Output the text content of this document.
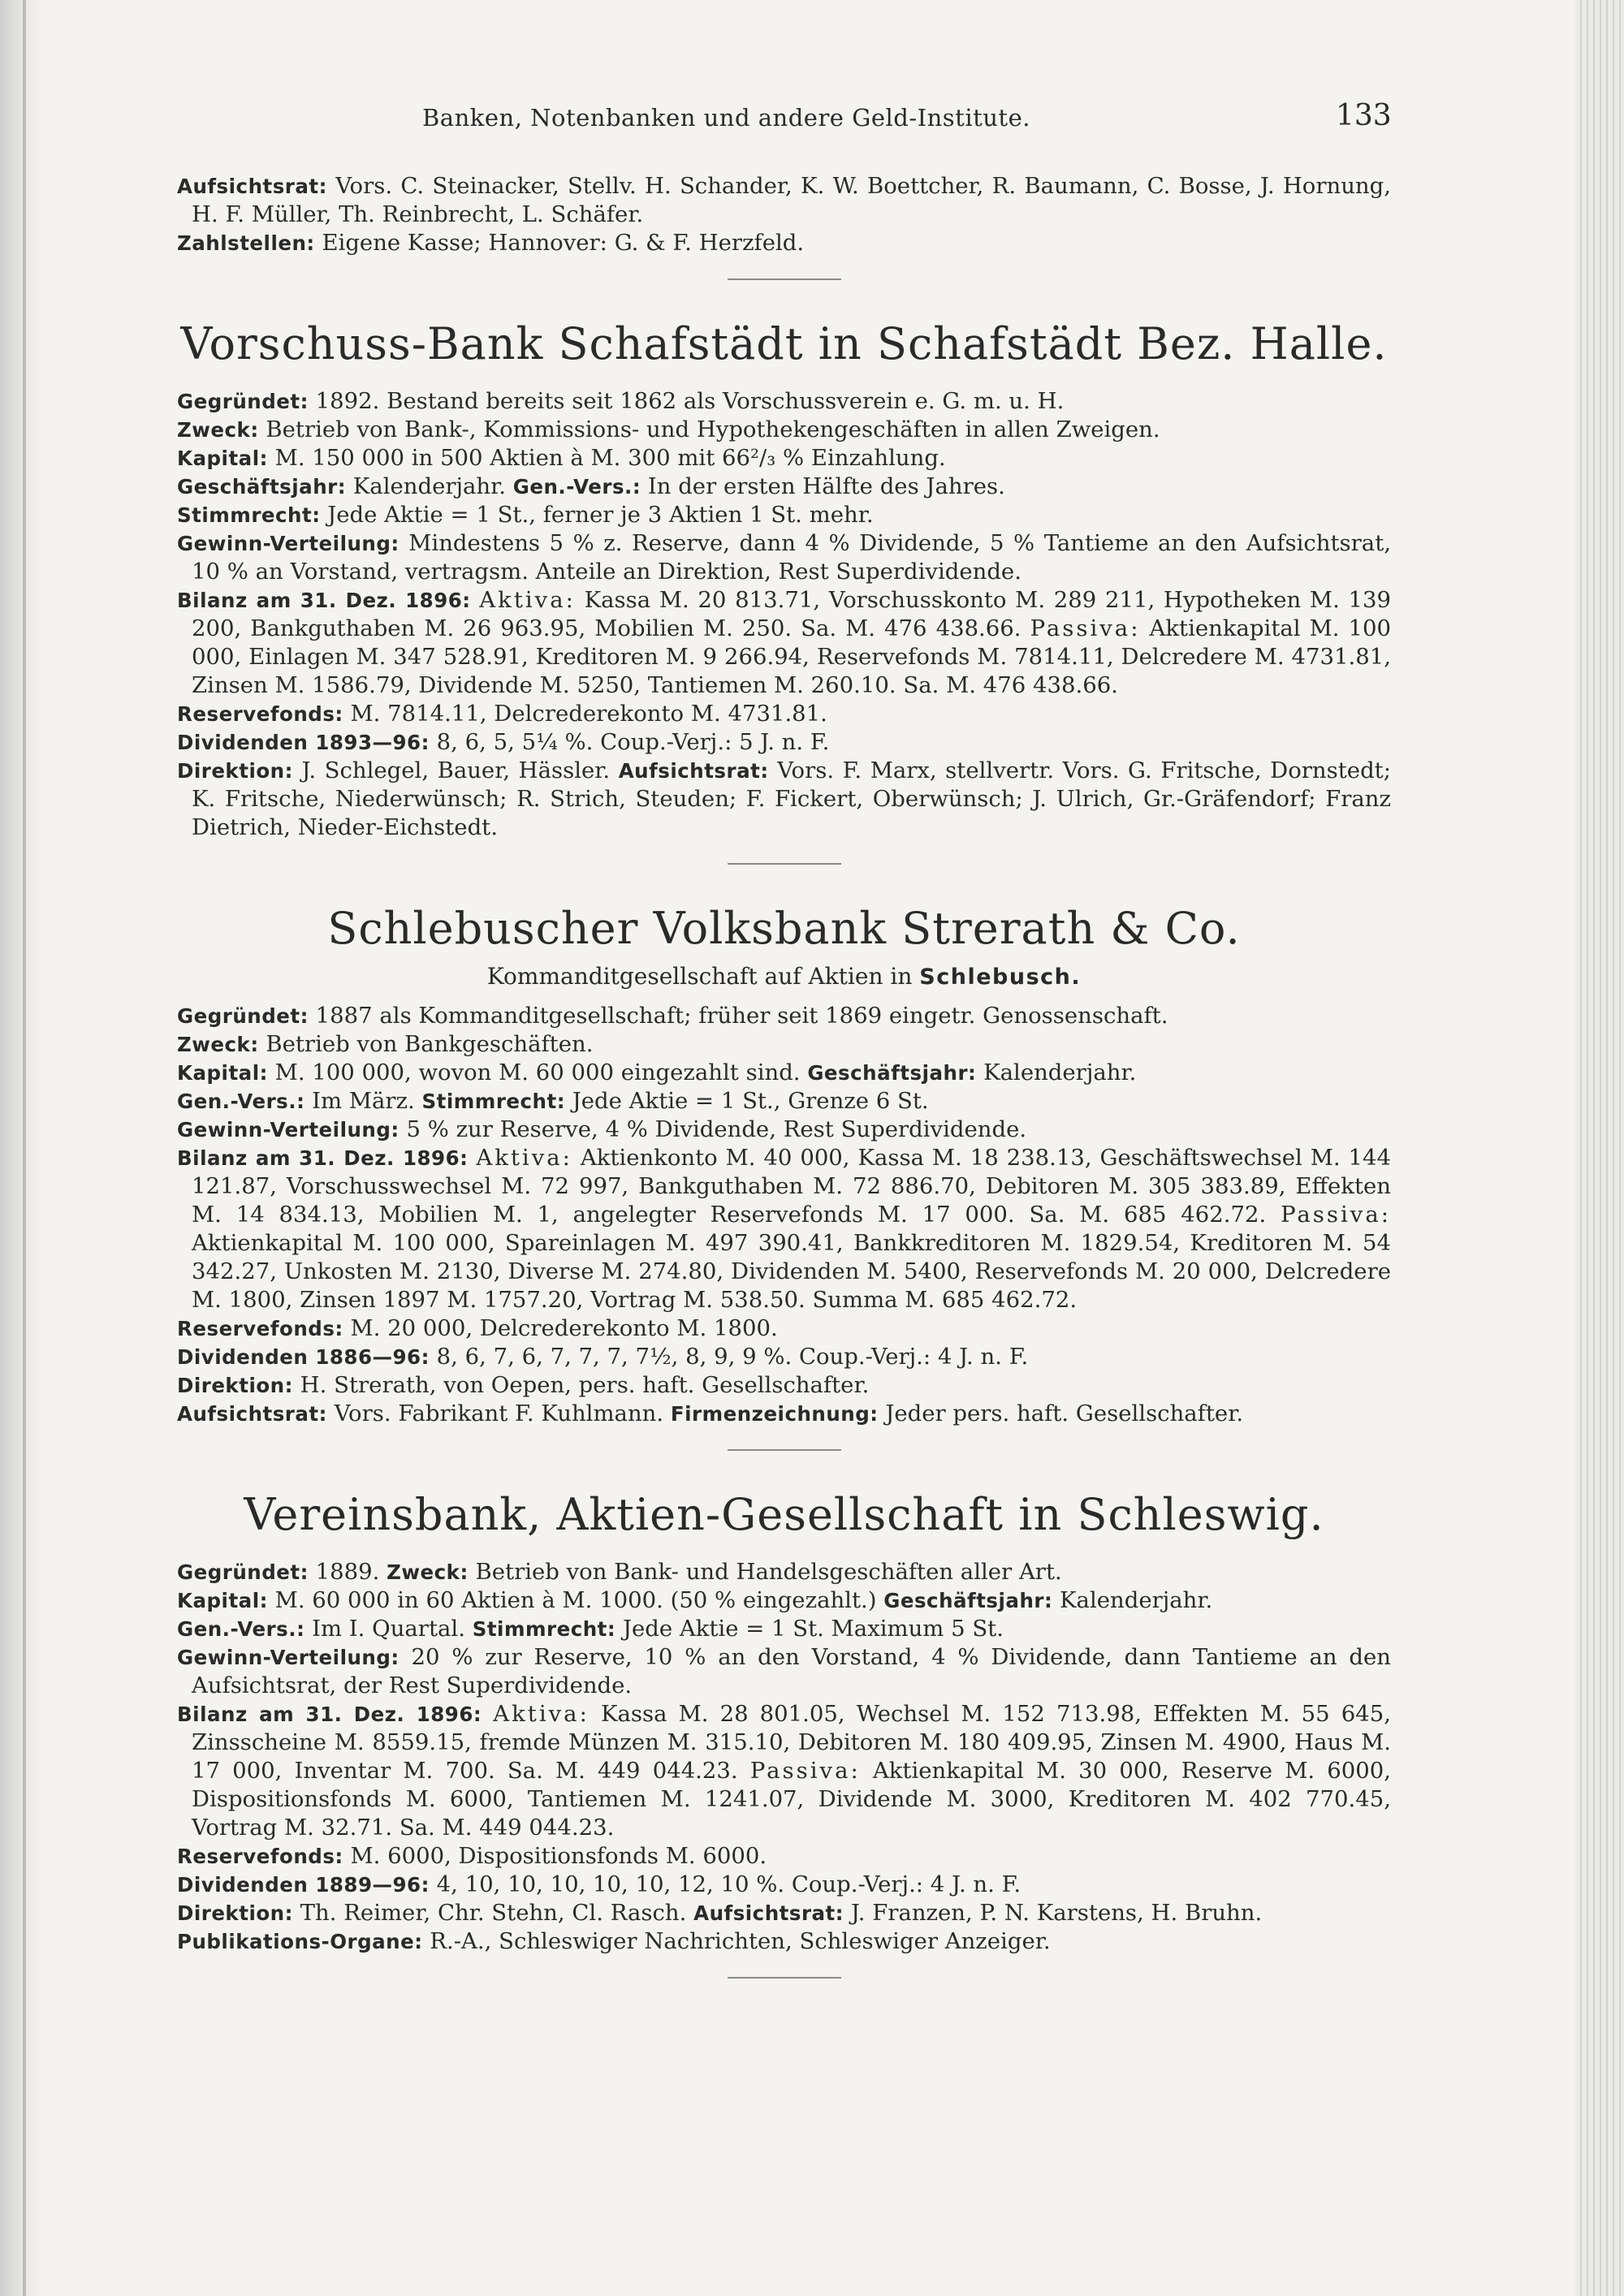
Banken, Notenbanken und andere Geld-Institute.	133

Aufsichtsrat: Vors. C. Steinacker, Stellv. H. Schander, K. W. Boettcher, R. Baumann, C. Bosse, J. Hornung, H. F. Müller, Th. Reinbrecht, L. Schäfer.

Zahlstellen: Eigene Kasse; Hannover: G. & F. Herzfeld.

Vorschuss-Bank Schafstädt in Schafstädt Bez. Halle.

Gegründet: 1892. Bestand bereits seit 1862 als Vorschussverein e. G. m. u. H.

Zweck: Betrieb von Bank-, Kommissions- und Hypothekengeschäften in allen Zweigen.

Kapital: M. 150 000 in 500 Aktien à M. 300 mit 66²/₃ % Einzahlung.

Geschäftsjahr: Kalenderjahr. Gen.-Vers.: In der ersten Hälfte des Jahres.

Stimmrecht: Jede Aktie = 1 St., ferner je 3 Aktien 1 St. mehr.

Gewinn-Verteilung: Mindestens 5 % z. Reserve, dann 4 % Dividende, 5 % Tantieme an den Aufsichtsrat, 10 % an Vorstand, vertragsm. Anteile an Direktion, Rest Superdividende.

Bilanz am 31. Dez. 1896: Aktiva: Kassa M. 20 813.71, Vorschusskonto M. 289 211, Hypotheken M. 139 200, Bankguthaben M. 26 963.95, Mobilien M. 250. Sa. M. 476 438.66. Passiva: Aktienkapital M. 100 000, Einlagen M. 347 528.91, Kreditoren M. 9 266.94, Reservefonds M. 7814.11, Delcredere M. 4731.81, Zinsen M. 1586.79, Dividende M. 5250, Tantiemen M. 260.10. Sa. M. 476 438.66.

Reservefonds: M. 7814.11, Delcrederekonto M. 4731.81.

Dividenden 1893—96: 8, 6, 5, 5¼ %. Coup.-Verj.: 5 J. n. F.

Direktion: J. Schlegel, Bauer, Hässler. Aufsichtsrat: Vors. F. Marx, stellvertr. Vors. G. Fritsche, Dornstedt; K. Fritsche, Niederwünsch; R. Strich, Steuden; F. Fickert, Oberwünsch; J. Ulrich, Gr.-Gräfendorf; Franz Dietrich, Nieder-Eichstedt.

Schlebuscher Volksbank Strerath & Co.
Kommanditgesellschaft auf Aktien in Schlebusch.

Gegründet: 1887 als Kommanditgesellschaft; früher seit 1869 eingetr. Genossenschaft.

Zweck: Betrieb von Bankgeschäften.

Kapital: M. 100 000, wovon M. 60 000 eingezahlt sind. Geschäftsjahr: Kalenderjahr.

Gen.-Vers.: Im März. Stimmrecht: Jede Aktie = 1 St., Grenze 6 St.

Gewinn-Verteilung: 5 % zur Reserve, 4 % Dividende, Rest Superdividende.

Bilanz am 31. Dez. 1896: Aktiva: Aktienkonto M. 40 000, Kassa M. 18 238.13, Geschäftswechsel M. 144 121.87, Vorschusswechsel M. 72 997, Bankguthaben M. 72 886.70, Debitoren M. 305 383.89, Effekten M. 14 834.13, Mobilien M. 1, angelegter Reservefonds M. 17 000. Sa. M. 685 462.72. Passiva: Aktienkapital M. 100 000, Spareinlagen M. 497 390.41, Bankkreditoren M. 1829.54, Kreditoren M. 54 342.27, Unkosten M. 2130, Diverse M. 274.80, Dividenden M. 5400, Reservefonds M. 20 000, Delcredere M. 1800, Zinsen 1897 M. 1757.20, Vortrag M. 538.50. Summa M. 685 462.72.

Reservefonds: M. 20 000, Delcrederekonto M. 1800.

Dividenden 1886—96: 8, 6, 7, 6, 7, 7, 7, 7½, 8, 9, 9 %. Coup.-Verj.: 4 J. n. F.

Direktion: H. Strerath, von Oepen, pers. haft. Gesellschafter.

Aufsichtsrat: Vors. Fabrikant F. Kuhlmann. Firmenzeichnung: Jeder pers. haft. Gesellschafter.

Vereinsbank, Aktien-Gesellschaft in Schleswig.

Gegründet: 1889. Zweck: Betrieb von Bank- und Handelsgeschäften aller Art.

Kapital: M. 60 000 in 60 Aktien à M. 1000. (50 % eingezahlt.) Geschäftsjahr: Kalenderjahr.

Gen.-Vers.: Im I. Quartal. Stimmrecht: Jede Aktie = 1 St. Maximum 5 St.

Gewinn-Verteilung: 20 % zur Reserve, 10 % an den Vorstand, 4 % Dividende, dann Tantieme an den Aufsichtsrat, der Rest Superdividende.

Bilanz am 31. Dez. 1896: Aktiva: Kassa M. 28 801.05, Wechsel M. 152 713.98, Effekten M. 55 645, Zinsscheine M. 8559.15, fremde Münzen M. 315.10, Debitoren M. 180 409.95, Zinsen M. 4900, Haus M. 17 000, Inventar M. 700. Sa. M. 449 044.23. Passiva: Aktienkapital M. 30 000, Reserve M. 6000, Dispositionsfonds M. 6000, Tantiemen M. 1241.07, Dividende M. 3000, Kreditoren M. 402 770.45, Vortrag M. 32.71. Sa. M. 449 044.23.

Reservefonds: M. 6000, Dispositionsfonds M. 6000.

Dividenden 1889—96: 4, 10, 10, 10, 10, 10, 12, 10 %. Coup.-Verj.: 4 J. n. F.

Direktion: Th. Reimer, Chr. Stehn, Cl. Rasch. Aufsichtsrat: J. Franzen, P. N. Karstens, H. Bruhn.

Publikations-Organe: R.-A., Schleswiger Nachrichten, Schleswiger Anzeiger.
